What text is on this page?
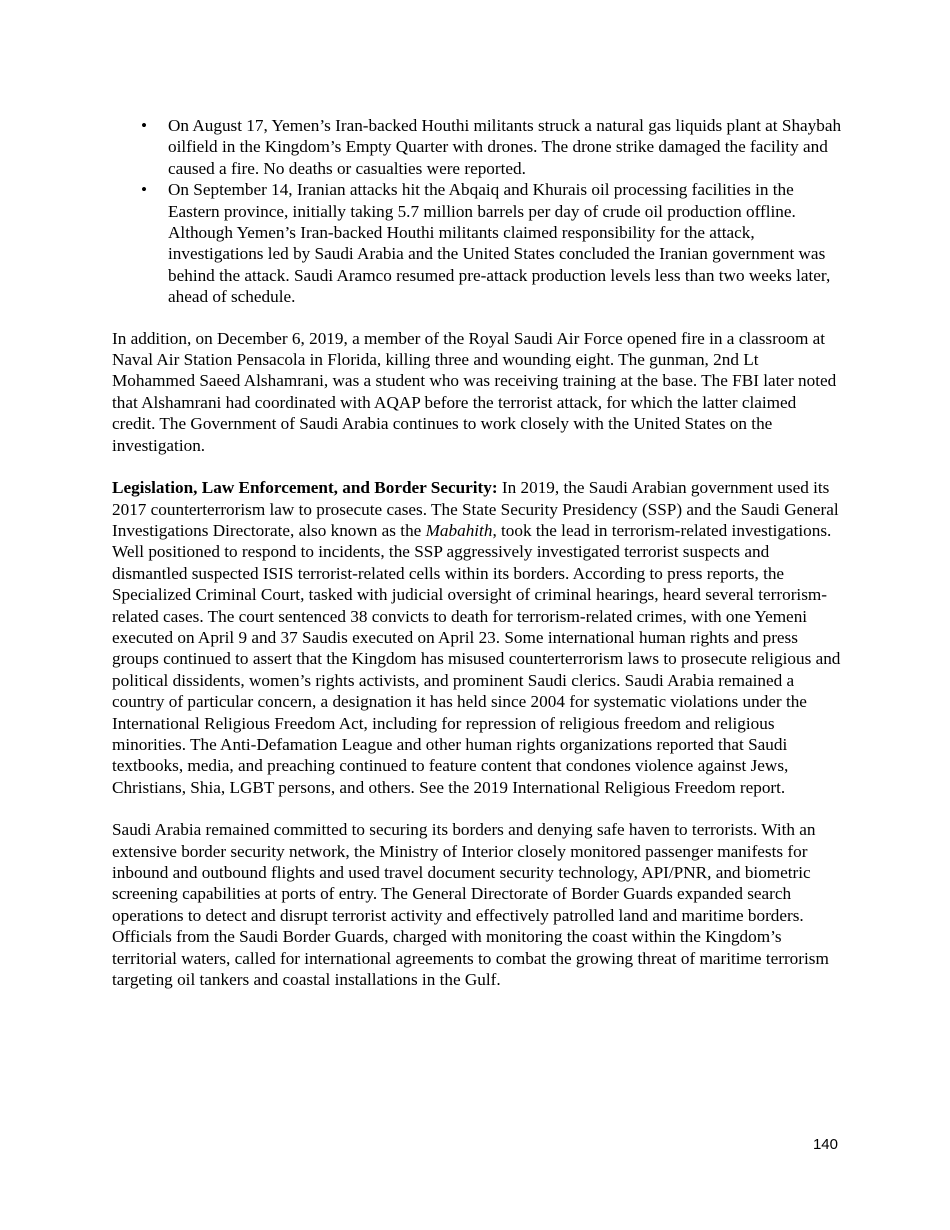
• On August 17, Yemen’s Iran-backed Houthi militants struck a natural gas liquids plant at Shaybah oilfield in the Kingdom’s Empty Quarter with drones. The drone strike damaged the facility and caused a fire. No deaths or casualties were reported.
• On September 14, Iranian attacks hit the Abqaiq and Khurais oil processing facilities in the Eastern province, initially taking 5.7 million barrels per day of crude oil production offline. Although Yemen’s Iran-backed Houthi militants claimed responsibility for the attack, investigations led by Saudi Arabia and the United States concluded the Iranian government was behind the attack. Saudi Aramco resumed pre-attack production levels less than two weeks later, ahead of schedule.

In addition, on December 6, 2019, a member of the Royal Saudi Air Force opened fire in a classroom at Naval Air Station Pensacola in Florida, killing three and wounding eight. The gunman, 2nd Lt Mohammed Saeed Alshamrani, was a student who was receiving training at the base. The FBI later noted that Alshamrani had coordinated with AQAP before the terrorist attack, for which the latter claimed credit. The Government of Saudi Arabia continues to work closely with the United States on the investigation.

Legislation, Law Enforcement, and Border Security: In 2019, the Saudi Arabian government used its 2017 counterterrorism law to prosecute cases. The State Security Presidency (SSP) and the Saudi General Investigations Directorate, also known as the Mabahith, took the lead in terrorism-related investigations. Well positioned to respond to incidents, the SSP aggressively investigated terrorist suspects and dismantled suspected ISIS terrorist-related cells within its borders. According to press reports, the Specialized Criminal Court, tasked with judicial oversight of criminal hearings, heard several terrorism-related cases. The court sentenced 38 convicts to death for terrorism-related crimes, with one Yemeni executed on April 9 and 37 Saudis executed on April 23. Some international human rights and press groups continued to assert that the Kingdom has misused counterterrorism laws to prosecute religious and political dissidents, women’s rights activists, and prominent Saudi clerics. Saudi Arabia remained a country of particular concern, a designation it has held since 2004 for systematic violations under the International Religious Freedom Act, including for repression of religious freedom and religious minorities. The Anti-Defamation League and other human rights organizations reported that Saudi textbooks, media, and preaching continued to feature content that condones violence against Jews, Christians, Shia, LGBT persons, and others. See the 2019 International Religious Freedom report.

Saudi Arabia remained committed to securing its borders and denying safe haven to terrorists. With an extensive border security network, the Ministry of Interior closely monitored passenger manifests for inbound and outbound flights and used travel document security technology, API/PNR, and biometric screening capabilities at ports of entry. The General Directorate of Border Guards expanded search operations to detect and disrupt terrorist activity and effectively patrolled land and maritime borders. Officials from the Saudi Border Guards, charged with monitoring the coast within the Kingdom’s territorial waters, called for international agreements to combat the growing threat of maritime terrorism targeting oil tankers and coastal installations in the Gulf.

140
